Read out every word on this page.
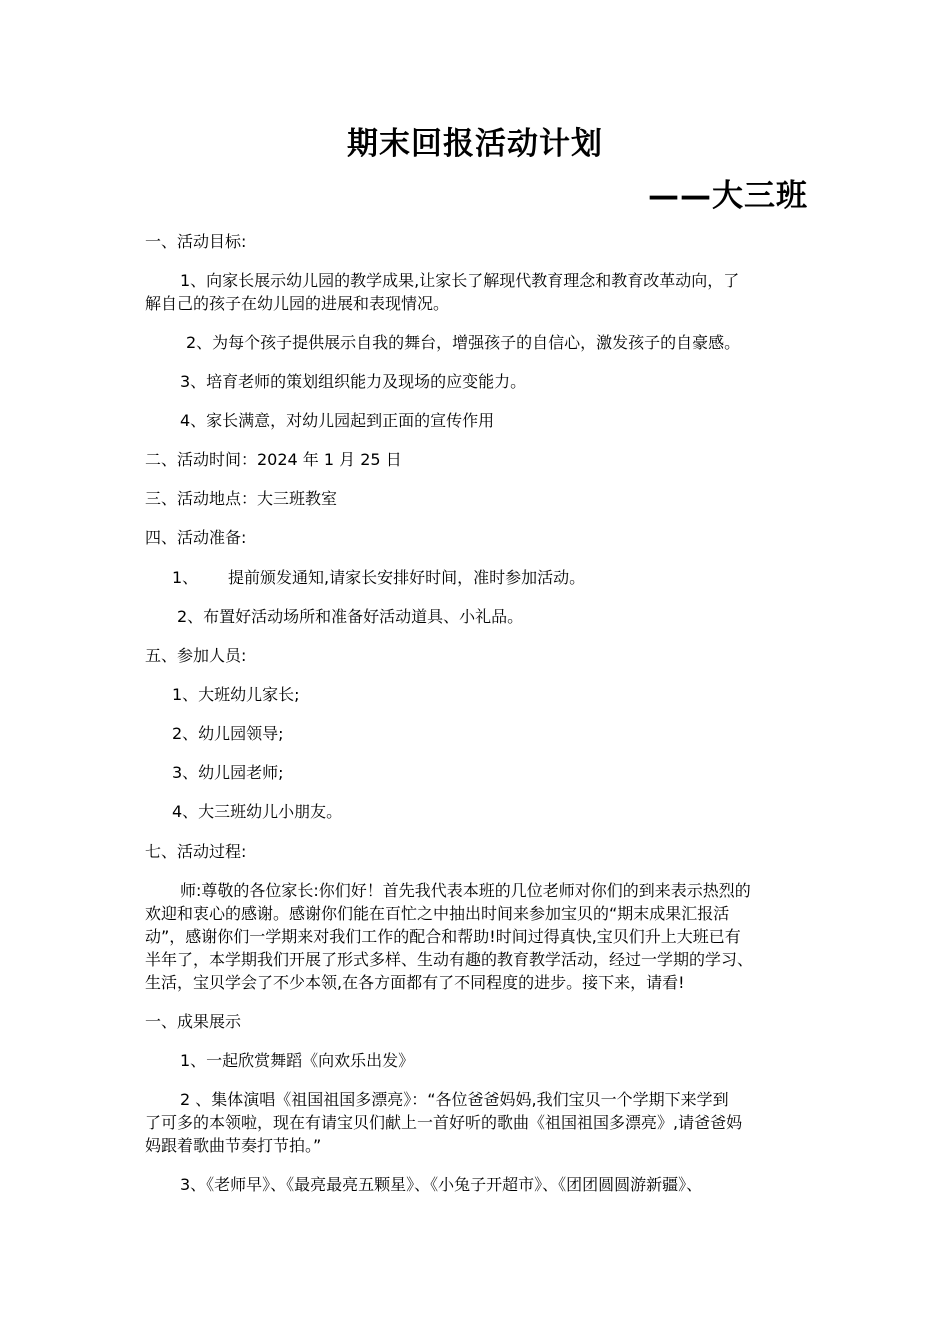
期末回报活动计划
——大三班
一、活动目标:
1、向家长展示幼儿园的教学成果,让家长了解现代教育理念和教育改革动向，了
解自己的孩子在幼儿园的进展和表现情况。
2、为每个孩子提供展示自我的舞台，增强孩子的自信心，激发孩子的自豪感。
3、培育老师的策划组织能力及现场的应变能力。
4、家长满意，对幼儿园起到正面的宣传作用
二、活动时间：2024 年 1 月 25 日
三、活动地点：大三班教室
四、活动准备:
1、 提前颁发通知,请家长安排好时间，准时参加活动。
2、布置好活动场所和准备好活动道具、小礼品。
五、参加人员:
1、大班幼儿家长;
2、幼儿园领导;
3、幼儿园老师;
4、大三班幼儿小朋友。
七、活动过程:
师:尊敬的各位家长:你们好！首先我代表本班的几位老师对你们的到来表示热烈的
欢迎和衷心的感谢。感谢你们能在百忙之中抽出时间来参加宝贝的“期末成果汇报活
动”，感谢你们一学期来对我们工作的配合和帮助!时间过得真快,宝贝们升上大班已有
半年了，本学期我们开展了形式多样、生动有趣的教育教学活动，经过一学期的学习、
生活，宝贝学会了不少本领,在各方面都有了不同程度的进步。接下来，请看!
一、成果展示
1、一起欣赏舞蹈《向欢乐出发》
2 、集体演唱《祖国祖国多漂亮》：“各位爸爸妈妈,我们宝贝一个学期下来学到
了可多的本领啦，现在有请宝贝们献上一首好听的歌曲《祖国祖国多漂亮》,请爸爸妈
妈跟着歌曲节奏打节拍。”
3、《老师早》、《最亮最亮五颗星》、《小兔子开超市》、《团团圆圆游新疆》、
